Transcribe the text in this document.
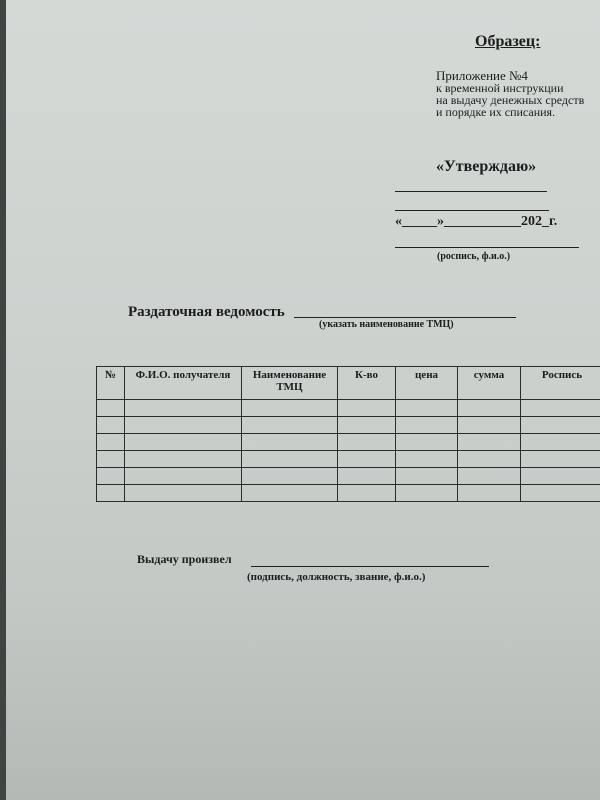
Образец:
Приложение №4
к временной инструкции
на выдачу денежных средств
и порядке их списания.
«Утверждаю»
«_____»___________202_г.
(роспись, ф.и.о.)
Раздаточная ведомость
(указать наименование ТМЦ)
№	Ф.И.О. получателя	Наименование ТМЦ	К-во	цена	сумма	Роспись

Выдачу произвел
(подпись, должность, звание, ф.и.о.)
